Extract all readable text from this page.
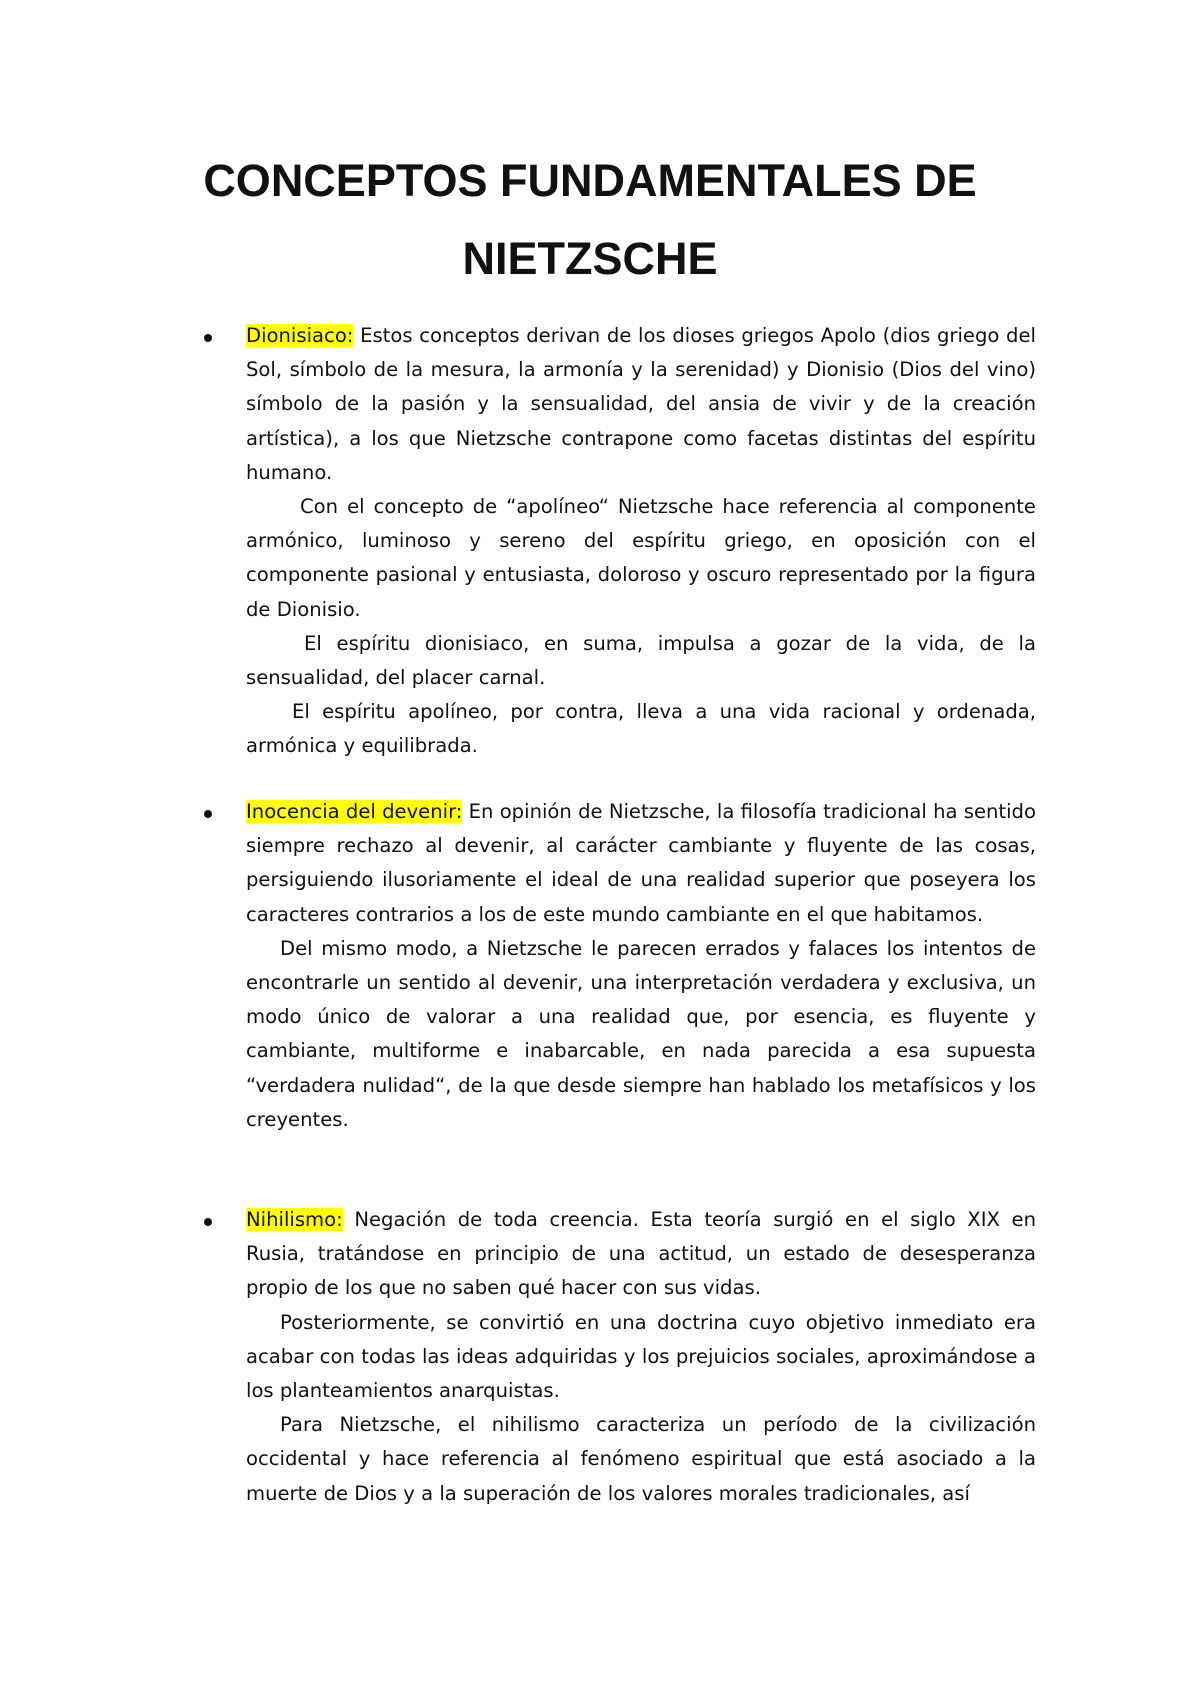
CONCEPTOS FUNDAMENTALES DE
NIETZSCHE

Dionisiaco: Estos conceptos derivan de los dioses griegos Apolo (dios griego del Sol, símbolo de la mesura, la armonía y la serenidad) y Dionisio (Dios del vino) símbolo de la pasión y la sensualidad, del ansia de vivir y de la creación artística), a los que Nietzsche contrapone como facetas distintas del espíritu humano.

Con el concepto de “apolíneo“ Nietzsche hace referencia al componente armónico, luminoso y sereno del espíritu griego, en oposición con el componente pasional y entusiasta, doloroso y oscuro representado por la figura de Dionisio.

El espíritu dionisiaco, en suma, impulsa a gozar de la vida, de la sensualidad, del placer carnal.

El espíritu apolíneo, por contra, lleva a una vida racional y ordenada, armónica y equilibrada.

Inocencia del devenir: En opinión de Nietzsche, la filosofía tradicional ha sentido siempre rechazo al devenir, al carácter cambiante y fluyente de las cosas, persiguiendo ilusoriamente el ideal de una realidad superior que poseyera los caracteres contrarios a los de este mundo cambiante en el que habitamos.

Del mismo modo, a Nietzsche le parecen errados y falaces los intentos de encontrarle un sentido al devenir, una interpretación verdadera y exclusiva, un modo único de valorar a una realidad que, por esencia, es fluyente y cambiante, multiforme e inabarcable, en nada parecida a esa supuesta “verdadera nulidad“, de la que desde siempre han hablado los metafísicos y los creyentes.

Nihilismo: Negación de toda creencia. Esta teoría surgió en el siglo XIX en Rusia, tratándose en principio de una actitud, un estado de desesperanza propio de los que no saben qué hacer con sus vidas.

Posteriormente, se convirtió en una doctrina cuyo objetivo inmediato era acabar con todas las ideas adquiridas y los prejuicios sociales, aproximándose a los planteamientos anarquistas.

Para Nietzsche, el nihilismo caracteriza un período de la civilización occidental y hace referencia al fenómeno espiritual que está asociado a la muerte de Dios y a la superación de los valores morales tradicionales, así
